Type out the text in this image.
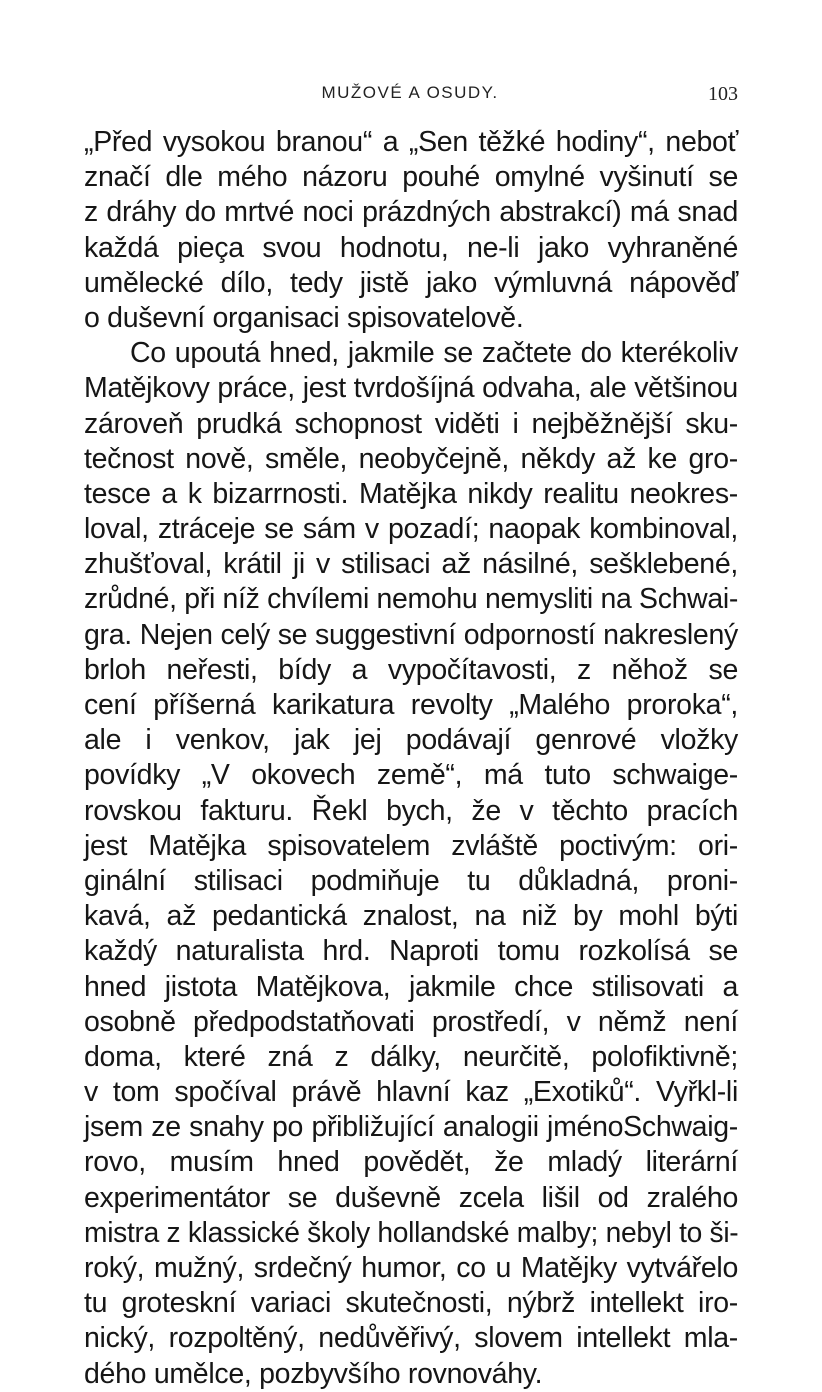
MUŽOVÉ A OSUDY.	103
„Před vysokou branou“ a „Sen těžké hodiny“, neboť
značí dle mého názoru pouhé omylné vyšinutí se
z dráhy do mrtvé noci prázdných abstrakcí) má snad
každá pieça svou hodnotu, ne-li jako vyhraněné
umělecké dílo, tedy jistě jako výmluvná nápověď
o duševní organisaci spisovatelově.
Co upoutá hned, jakmile se začtete do kterékoliv
Matějkovy práce, jest tvrdošíjná odvaha, ale většinou
zároveň prudká schopnost viděti i nejběžnější sku-
tečnost nově, směle, neobyčejně, někdy až ke gro-
tesce a k bizarrnosti. Matějka nikdy realitu neokres-
loval, ztráceje se sám v pozadí; naopak kombinoval,
zhušťoval, krátil ji v stilisaci až násilné, sešklebené,
zrůdné, při níž chvílemi nemohu nemysliti na Schwai-
gra. Nejen celý se suggestivní odporností nakreslený
brloh neřesti, bídy a vypočítavosti, z něhož se
cení příšerná karikatura revolty „Malého proroka“,
ale i venkov, jak jej podávají genrové vložky
povídky „V okovech země“, má tuto schwaige-
rovskou fakturu. Řekl bych, že v těchto pracích
jest Matějka spisovatelem zvláště poctivým: ori-
ginální stilisaci podmiňuje tu důkladná, proni-
kavá, až pedantická znalost, na niž by mohl býti
každý naturalista hrd. Naproti tomu rozkolísá se
hned jistota Matějkova, jakmile chce stilisovati a
osobně předpodstatňovati prostředí, v němž není
doma, které zná z dálky, neurčitě, polofiktivně;
v tom spočíval právě hlavní kaz „Exotiků“. Vyřkl-li
jsem ze snahy po přibližující analogii jménoSchwaig-
rovo, musím hned povědět, že mladý literární
experimentátor se duševně zcela lišil od zralého
mistra z klassické školy hollandské malby; nebyl to ši-
roký, mužný, srdečný humor, co u Matějky vytvářelo
tu groteskní variaci skutečnosti, nýbrž intellekt iro-
nický, rozpoltěný, nedůvěřivý, slovem intellekt mla-
dého umělce, pozbyvšího rovnováhy.
